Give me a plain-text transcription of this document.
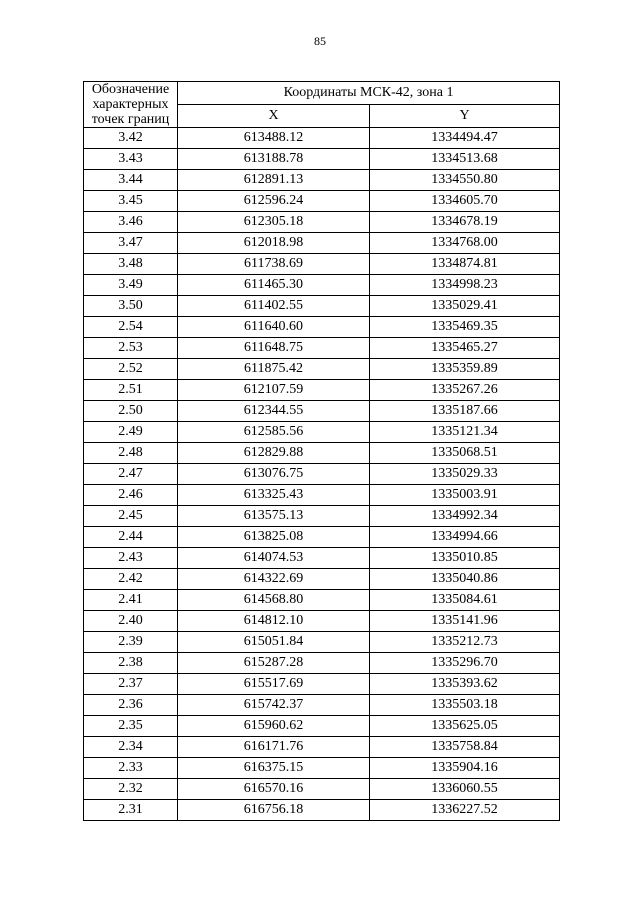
85
Обозначение
характерных
точек границ	Координаты МСК-42, зона 1	
	X	Y
3.42	613488.12	1334494.47
3.43	613188.78	1334513.68
3.44	612891.13	1334550.80
3.45	612596.24	1334605.70
3.46	612305.18	1334678.19
3.47	612018.98	1334768.00
3.48	611738.69	1334874.81
3.49	611465.30	1334998.23
3.50	611402.55	1335029.41
2.54	611640.60	1335469.35
2.53	611648.75	1335465.27
2.52	611875.42	1335359.89
2.51	612107.59	1335267.26
2.50	612344.55	1335187.66
2.49	612585.56	1335121.34
2.48	612829.88	1335068.51
2.47	613076.75	1335029.33
2.46	613325.43	1335003.91
2.45	613575.13	1334992.34
2.44	613825.08	1334994.66
2.43	614074.53	1335010.85
2.42	614322.69	1335040.86
2.41	614568.80	1335084.61
2.40	614812.10	1335141.96
2.39	615051.84	1335212.73
2.38	615287.28	1335296.70
2.37	615517.69	1335393.62
2.36	615742.37	1335503.18
2.35	615960.62	1335625.05
2.34	616171.76	1335758.84
2.33	616375.15	1335904.16
2.32	616570.16	1336060.55
2.31	616756.18	1336227.52
